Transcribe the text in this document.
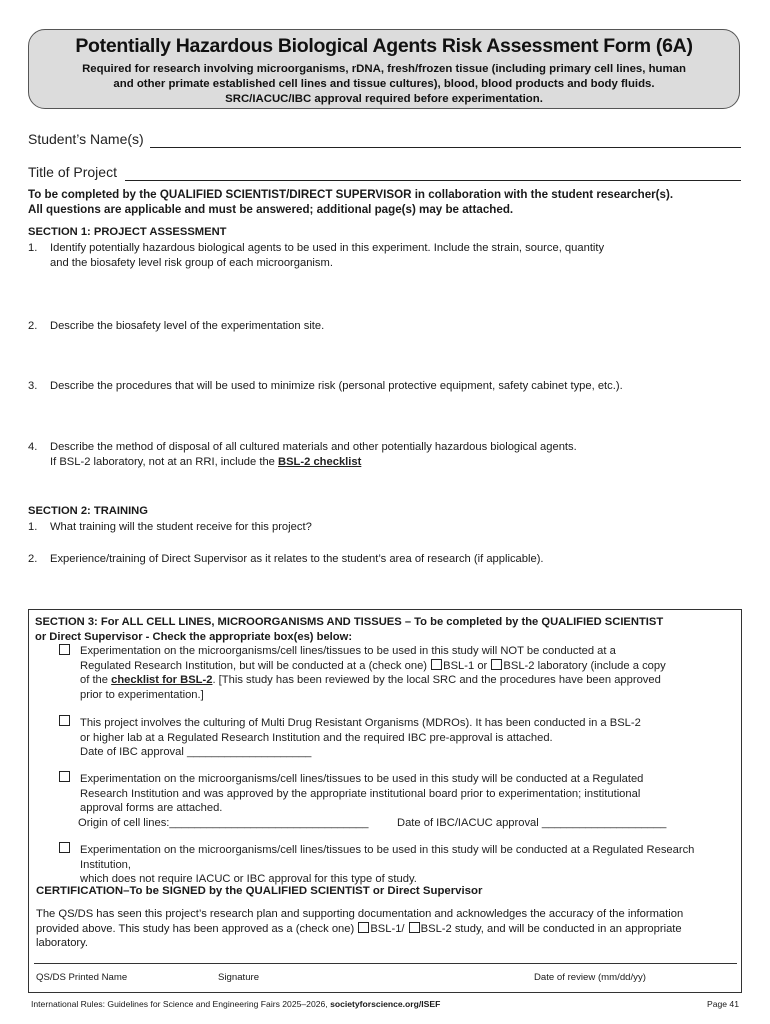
Potentially Hazardous Biological Agents Risk Assessment Form (6A)
Required for research involving microorganisms, rDNA, fresh/frozen tissue (including primary cell lines, human
and other primate established cell lines and tissue cultures), blood, blood products and body fluids.
SRC/IACUC/IBC approval required before experimentation.
Student’s Name(s)
Title of Project
To be completed by the QUALIFIED SCIENTIST/DIRECT SUPERVISOR in collaboration with the student researcher(s).
All questions are applicable and must be answered; additional page(s) may be attached.
SECTION 1: PROJECT ASSESSMENT
1. Identify potentially hazardous biological agents to be used in this experiment. Include the strain, source, quantity
and the biosafety level risk group of each microorganism.
2. Describe the biosafety level of the experimentation site.
3. Describe the procedures that will be used to minimize risk (personal protective equipment, safety cabinet type, etc.).
4. Describe the method of disposal of all cultured materials and other potentially hazardous biological agents.
If BSL-2 laboratory, not at an RRI, include the BSL-2 checklist
SECTION 2: TRAINING
1. What training will the student receive for this project?
2. Experience/training of Direct Supervisor as it relates to the student’s area of research (if applicable).
SECTION 3: For ALL CELL LINES, MICROORGANISMS AND TISSUES – To be completed by the QUALIFIED SCIENTIST
or Direct Supervisor - Check the appropriate box(es) below:
Experimentation on the microorganisms/cell lines/tissues to be used in this study will NOT be conducted at a
Regulated Research Institution, but will be conducted at a (check one) BSL-1 or BSL-2 laboratory (include a copy
of the checklist for BSL-2. [This study has been reviewed by the local SRC and the procedures have been approved
prior to experimentation.]
This project involves the culturing of Multi Drug Resistant Organisms (MDROs). It has been conducted in a BSL-2
or higher lab at a Regulated Research Institution and the required IBC pre-approval is attached.
Date of IBC approval ____________________
Experimentation on the microorganisms/cell lines/tissues to be used in this study will be conducted at a Regulated
Research Institution and was approved by the appropriate institutional board prior to experimentation; institutional
approval forms are attached.
Origin of cell lines:________________________________	Date of IBC/IACUC approval ____________________
Experimentation on the microorganisms/cell lines/tissues to be used in this study will be conducted at a Regulated Research Institution,
which does not require IACUC or IBC approval for this type of study.
CERTIFICATION–To be SIGNED by the QUALIFIED SCIENTIST or Direct Supervisor
The QS/DS has seen this project’s research plan and supporting documentation and acknowledges the accuracy of the information
provided above. This study has been approved as a (check one) BSL-1/ BSL-2 study, and will be conducted in an appropriate
laboratory.
QS/DS Printed Name	Signature	Date of review (mm/dd/yy)
International Rules: Guidelines for Science and Engineering Fairs 2025–2026, societyforscience.org/ISEF	Page 41
